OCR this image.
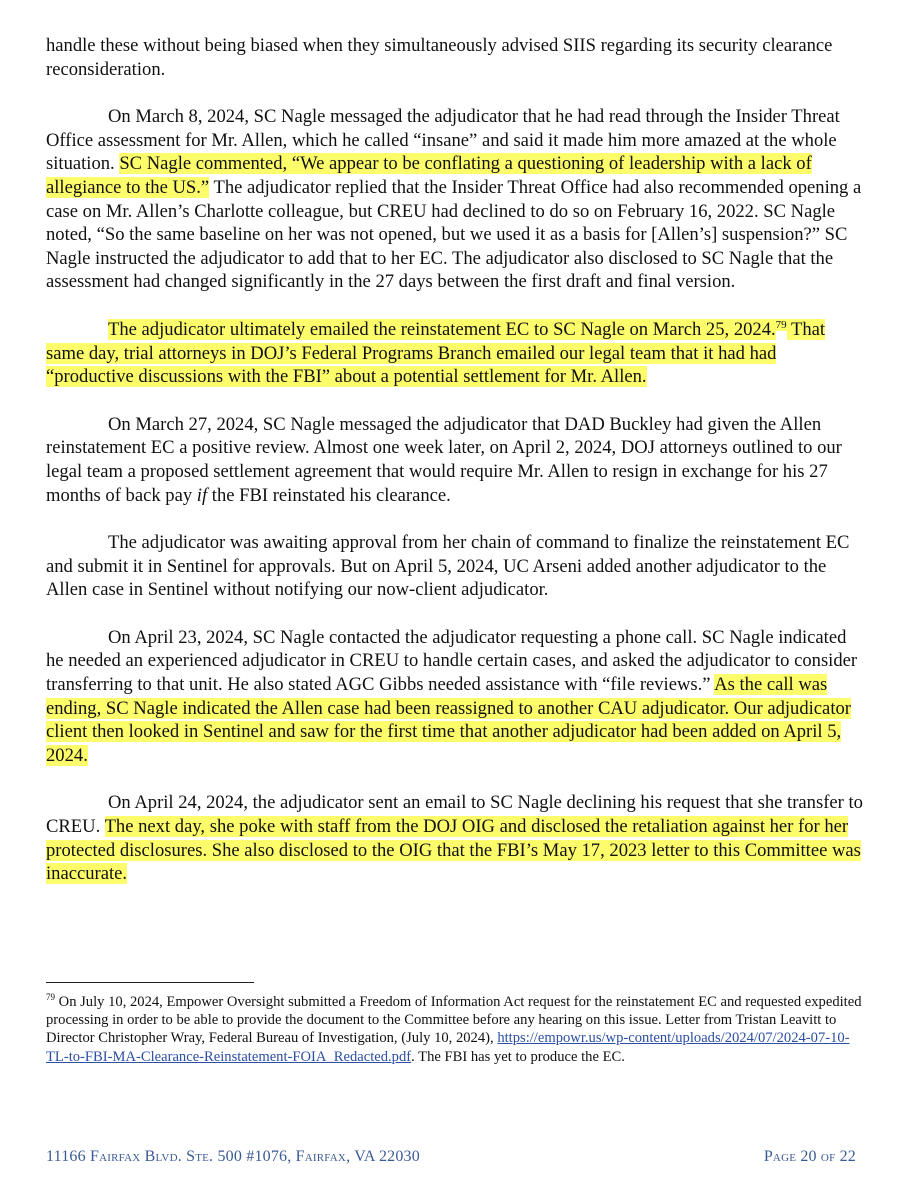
handle these without being biased when they simultaneously advised SIIS regarding its security clearance reconsideration.

On March 8, 2024, SC Nagle messaged the adjudicator that he had read through the Insider Threat Office assessment for Mr. Allen, which he called “insane” and said it made him more amazed at the whole situation. SC Nagle commented, “We appear to be conflating a questioning of leadership with a lack of allegiance to the US.” The adjudicator replied that the Insider Threat Office had also recommended opening a case on Mr. Allen’s Charlotte colleague, but CREU had declined to do so on February 16, 2022. SC Nagle noted, “So the same baseline on her was not opened, but we used it as a basis for [Allen’s] suspension?” SC Nagle instructed the adjudicator to add that to her EC. The adjudicator also disclosed to SC Nagle that the assessment had changed significantly in the 27 days between the first draft and final version.

The adjudicator ultimately emailed the reinstatement EC to SC Nagle on March 25, 2024.79 That same day, trial attorneys in DOJ’s Federal Programs Branch emailed our legal team that it had had “productive discussions with the FBI” about a potential settlement for Mr. Allen.

On March 27, 2024, SC Nagle messaged the adjudicator that DAD Buckley had given the Allen reinstatement EC a positive review. Almost one week later, on April 2, 2024, DOJ attorneys outlined to our legal team a proposed settlement agreement that would require Mr. Allen to resign in exchange for his 27 months of back pay if the FBI reinstated his clearance.

The adjudicator was awaiting approval from her chain of command to finalize the reinstatement EC and submit it in Sentinel for approvals. But on April 5, 2024, UC Arseni added another adjudicator to the Allen case in Sentinel without notifying our now-client adjudicator.

On April 23, 2024, SC Nagle contacted the adjudicator requesting a phone call. SC Nagle indicated he needed an experienced adjudicator in CREU to handle certain cases, and asked the adjudicator to consider transferring to that unit. He also stated AGC Gibbs needed assistance with “file reviews.” As the call was ending, SC Nagle indicated the Allen case had been reassigned to another CAU adjudicator. Our adjudicator client then looked in Sentinel and saw for the first time that another adjudicator had been added on April 5, 2024.

On April 24, 2024, the adjudicator sent an email to SC Nagle declining his request that she transfer to CREU. The next day, she poke with staff from the DOJ OIG and disclosed the retaliation against her for her protected disclosures. She also disclosed to the OIG that the FBI’s May 17, 2023 letter to this Committee was inaccurate.

$^{79}$ On July 10, 2024, Empower Oversight submitted a Freedom of Information Act request for the reinstatement EC and requested expedited processing in order to be able to provide the document to the Committee before any hearing on this issue. Letter from Tristan Leavitt to Director Christopher Wray, Federal Bureau of Investigation, (July 10, 2024), https://empowr.us/wp-content/uploads/2024/07/2024-07-10-TL-to-FBI-MA-Clearance-Reinstatement-FOIA_Redacted.pdf. The FBI has yet to produce the EC.

11166 Fairfax Blvd. Ste. 500 #1076, Fairfax, VA 22030	Page 20 of 22
